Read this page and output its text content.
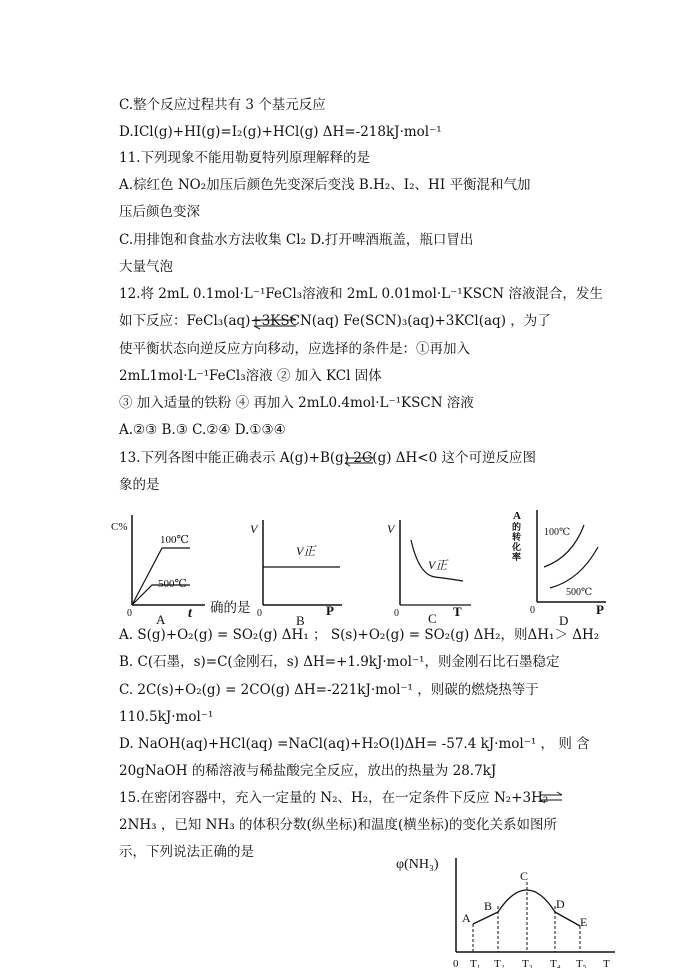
C.整个反应过程共有 3 个基元反应
D.ICl(g)+HI(g)=I₂(g)+HCl(g) ΔH=-218kJ·mol⁻¹
11.下列现象不能用勒夏特列原理解释的是
A.棕红色 NO₂加压后颜色先变深后变浅 B.H₂、I₂、HI 平衡混和气加
压后颜色变深
C.用排饱和食盐水方法收集 Cl₂ D.打开啤酒瓶盖，瓶口冒出
大量气泡
12.将 2mL 0.1mol·L⁻¹FeCl₃溶液和 2mL 0.01mol·L⁻¹KSCN 溶液混合，发生
如下反应：FeCl₃(aq)+3KSCN(aq) Fe(SCN)₃(aq)+3KCl(aq) ，为了
使平衡状态向逆反应方向移动，应选择的条件是：①再加入
2mL1mol·L⁻¹FeCl₃溶液 ② 加入 KCl 固体
③ 加入适量的铁粉 ④ 再加入 2mL0.4mol·L⁻¹KSCN 溶液
A.②③ B.③ C.②④ D.①③④
13.下列各图中能正确表示 A(g)+B(g) 2C(g) ΔH<0 这个可逆反应图
象的是
确的是
A. S(g)+O₂(g) = SO₂(g) ΔH₁ ； S(s)+O₂(g) = SO₂(g) ΔH₂，则ΔH₁＞ ΔH₂
B. C(石墨，s)=C(金刚石，s) ΔH=+1.9kJ·mol⁻¹，则金刚石比石墨稳定
C. 2C(s)+O₂(g) = 2CO(g) ΔH=-221kJ·mol⁻¹ ，则碳的燃烧热等于
110.5kJ·mol⁻¹
D. NaOH(aq)+HCl(aq) =NaCl(aq)+H₂O(l)ΔH= -57.4 kJ·mol⁻¹ ， 则 含
20gNaOH 的稀溶液与稀盐酸完全反应，放出的热量为 28.7kJ
15.在密闭容器中，充入一定量的 N₂、H₂，在一定条件下反应 N₂+3H₂
2NH₃ ，已知 NH₃ 的体积分数(纵坐标)和温度(横坐标)的变化关系如图所
示，下列说法正确的是
C%
100℃
500℃
0	t
A
V
V正
0	P
B
V
V正
0	T
C
A
的
转
化
率
100℃
500℃
0	P
D
φ(NH₃)
A
B
C
D
E
0 T₁ T₂ T₃ T₄ T₅ T
